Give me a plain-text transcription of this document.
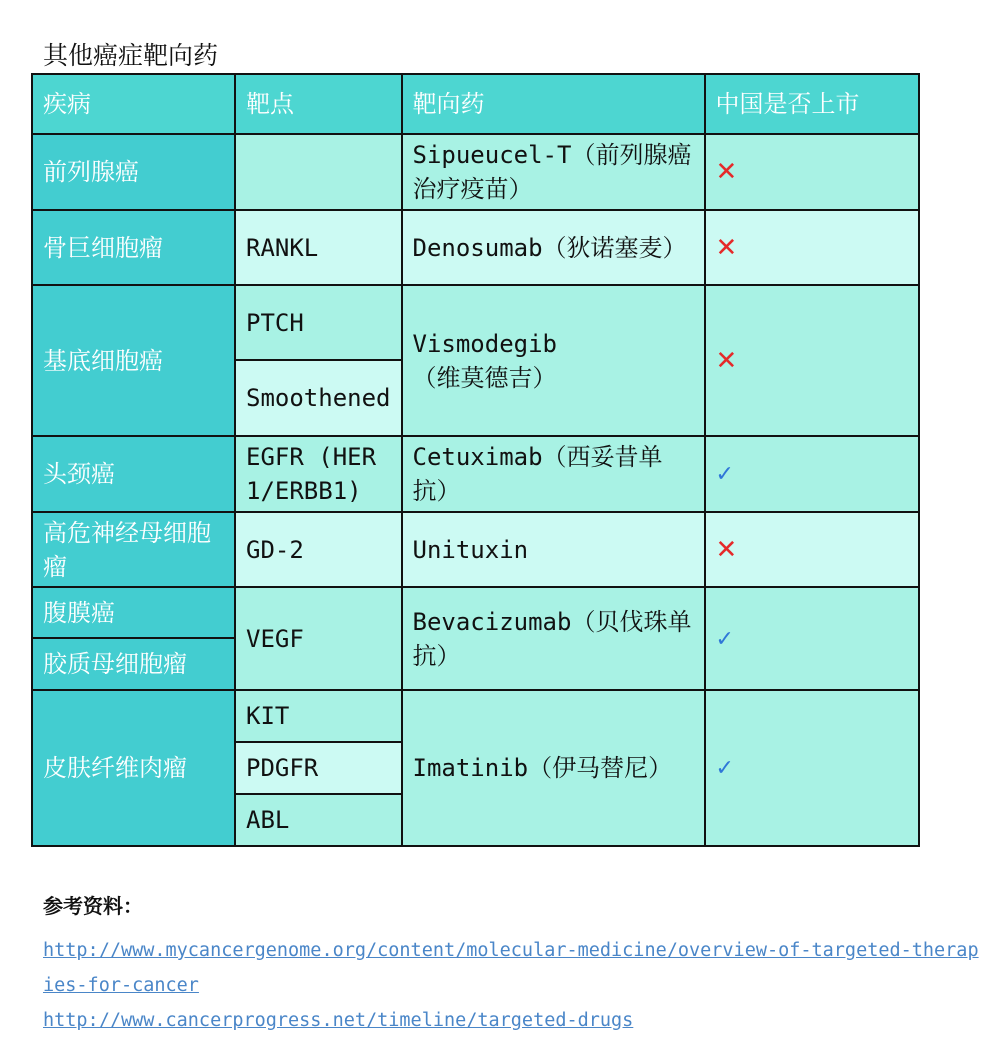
其他癌症靶向药
疾病	靶点	靶向药	中国是否上市
前列腺癌		Sipueucel-T（前列腺癌治疗疫苗）	✕
骨巨细胞瘤	RANKL	Denosumab（狄诺塞麦）	✕
基底细胞癌	PTCH	Vismodegib（维莫德吉）	✕
	Smoothened		
头颈癌	EGFR (HER1/ERBB1)	Cetuximab（西妥昔单抗）	✓
高危神经母细胞瘤	GD-2	Unituxin	✕
腹膜癌	VEGF	Bevacizumab（贝伐珠单抗）	✓
胶质母细胞瘤			
皮肤纤维肉瘤	KIT	Imatinib（伊马替尼）	✓
	PDGFR		
	ABL		
参考资料：
http://www.mycancergenome.org/content/molecular-medicine/overview-of-targeted-therapies-for-cancer
http://www.cancerprogress.net/timeline/targeted-drugs
